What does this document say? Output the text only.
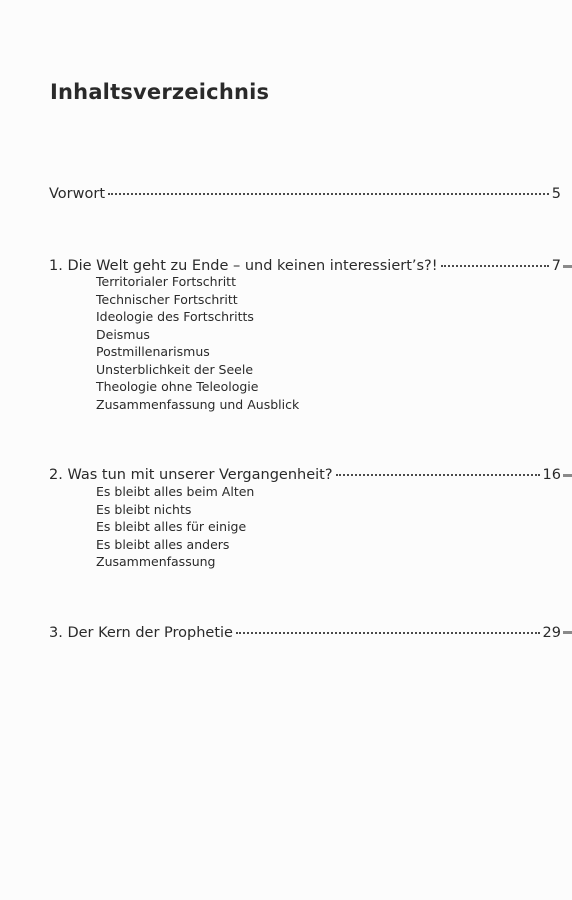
Inhaltsverzeichnis
Vorwort	5
1. Die Welt geht zu Ende – und keinen interessiert’s?!	7
Territorialer Fortschritt
Technischer Fortschritt
Ideologie des Fortschritts
Deismus
Postmillenarismus
Unsterblichkeit der Seele
Theologie ohne Teleologie
Zusammenfassung und Ausblick
2. Was tun mit unserer Vergangenheit?	16
Es bleibt alles beim Alten
Es bleibt nichts
Es bleibt alles für einige
Es bleibt alles anders
Zusammenfassung
3. Der Kern der Prophetie	29
